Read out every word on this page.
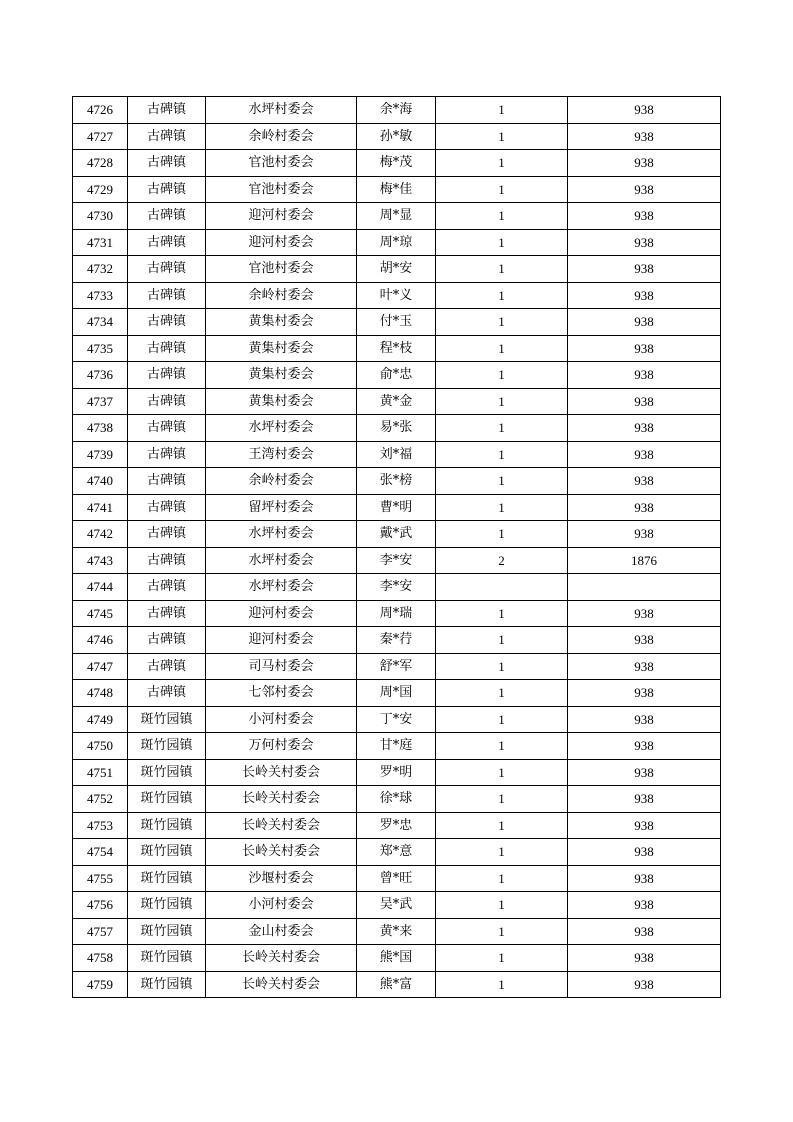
4726	古碑镇	水坪村委会	余*海	1	938
4727	古碑镇	余岭村委会	孙*敏	1	938
4728	古碑镇	官池村委会	梅*茂	1	938
4729	古碑镇	官池村委会	梅*佳	1	938
4730	古碑镇	迎河村委会	周*显	1	938
4731	古碑镇	迎河村委会	周*琼	1	938
4732	古碑镇	官池村委会	胡*安	1	938
4733	古碑镇	余岭村委会	叶*义	1	938
4734	古碑镇	黄集村委会	付*玉	1	938
4735	古碑镇	黄集村委会	程*枝	1	938
4736	古碑镇	黄集村委会	俞*忠	1	938
4737	古碑镇	黄集村委会	黄*金	1	938
4738	古碑镇	水坪村委会	易*张	1	938
4739	古碑镇	王湾村委会	刘*福	1	938
4740	古碑镇	余岭村委会	张*榜	1	938
4741	古碑镇	留坪村委会	曹*明	1	938
4742	古碑镇	水坪村委会	戴*武	1	938
4743	古碑镇	水坪村委会	李*安	2	1876
4744	古碑镇	水坪村委会	李*安		
4745	古碑镇	迎河村委会	周*瑞	1	938
4746	古碑镇	迎河村委会	秦*荇	1	938
4747	古碑镇	司马村委会	舒*军	1	938
4748	古碑镇	七邻村委会	周*国	1	938
4749	斑竹园镇	小河村委会	丁*安	1	938
4750	斑竹园镇	万何村委会	甘*庭	1	938
4751	斑竹园镇	长岭关村委会	罗*明	1	938
4752	斑竹园镇	长岭关村委会	徐*球	1	938
4753	斑竹园镇	长岭关村委会	罗*忠	1	938
4754	斑竹园镇	长岭关村委会	郑*意	1	938
4755	斑竹园镇	沙堰村委会	曾*旺	1	938
4756	斑竹园镇	小河村委会	吴*武	1	938
4757	斑竹园镇	金山村委会	黄*来	1	938
4758	斑竹园镇	长岭关村委会	熊*国	1	938
4759	斑竹园镇	长岭关村委会	熊*富	1	938
